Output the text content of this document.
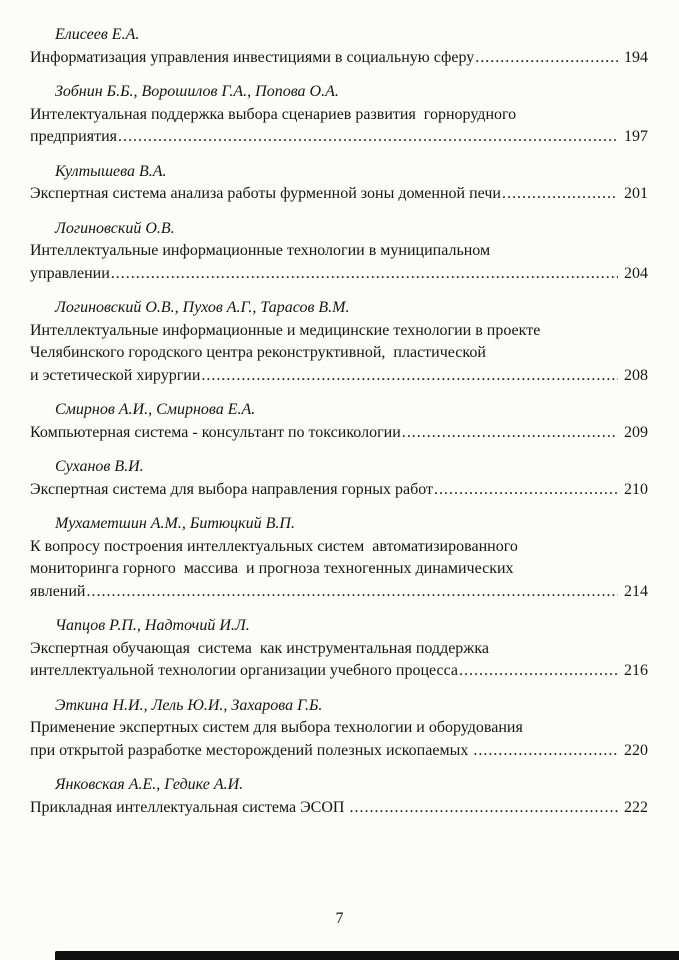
Елисеев Е.А.
Информатизация управления инвестициями в социальную сферу .....	194
Зобнин Б.Б., Ворошилов Г.А., Попова О.А.
Интелектуальная поддержка выбора сценариев развития  горнорудного
предприятия .....	197
Култышева В.А.
Экспертная система анализа работы фурменной зоны доменной печи .....	201
Логиновский О.В.
Интеллектуальные информационные технологии в муниципальном
управлении .....	204
Логиновский О.В., Пухов А.Г., Тарасов В.М.
Интеллектуальные информационные и медицинские технологии в проекте
Челябинского городского центра реконструктивной,  пластической
и эстетической хирургии .....	208
Смирнов А.И., Смирнова Е.А.
Компьютерная система - консультант по токсикологии .....	209
Суханов В.И.
Экспертная система для выбора направления горных работ .....	210
Мухаметшин А.М., Битюцкий В.П.
К вопросу построения интеллектуальных систем  автоматизированного
мониторинга горного  массива  и прогноза техногенных динамических
явлений .....	214
Чапцов Р.П., Надточий И.Л.
Экспертная обучающая  система  как инструментальная поддержка
интеллектуальной технологии организации учебного процесса .....	216
Эткина Н.И., Лель Ю.И., Захарова Г.Б.
Применение экспертных систем для выбора технологии и оборудования
при открытой разработке месторождений полезных ископаемых .....	220
Янковская А.Е., Гедике А.И.
Прикладная интеллектуальная система ЭСОП .....	222
7
